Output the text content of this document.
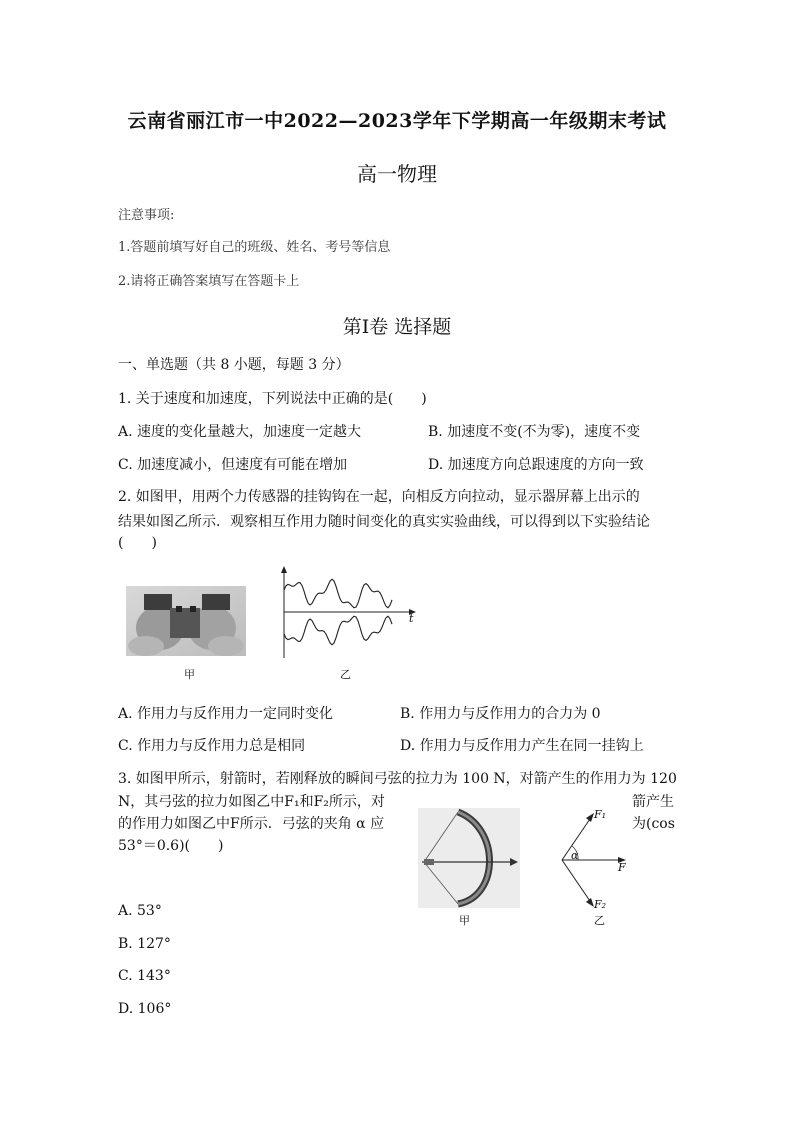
云南省丽江市一中2022—2023学年下学期高一年级期末考试
高一物理
注意事项:
1.答题前填写好自己的班级、姓名、考号等信息
2.请将正确答案填写在答题卡上
第Ⅰ卷 选择题
一、单选题（共 8 小题，每题 3 分）
1. 关于速度和加速度，下列说法中正确的是(　　)
A. 速度的变化量越大，加速度一定越大	B. 加速度不变(不为零)，速度不变
C. 加速度减小，但速度有可能在增加	D. 加速度方向总跟速度的方向一致
2. 如图甲，用两个力传感器的挂钩钩在一起，向相反方向拉动，显示器屏幕上出示的
结果如图乙所示．观察相互作用力随时间变化的真实实验曲线，可以得到以下实验结论
(　　)
甲
t
乙
A. 作用力与反作用力一定同时变化	B. 作用力与反作用力的合力为 0
C. 作用力与反作用力总是相同	D. 作用力与反作用力产生在同一挂钩上
3. 如图甲所示，射箭时，若刚释放的瞬间弓弦的拉力为 100 N，对箭产生的作用力为 120
N，其弓弦的拉力如图乙中F₁和F₂所示，对	箭产生
的作用力如图乙中F所示．弓弦的夹角 α 应	为(cos
53°＝0.6)(　　)
甲
F₁
α
F
F₂
乙
A. 53°
B. 127°
C. 143°
D. 106°
